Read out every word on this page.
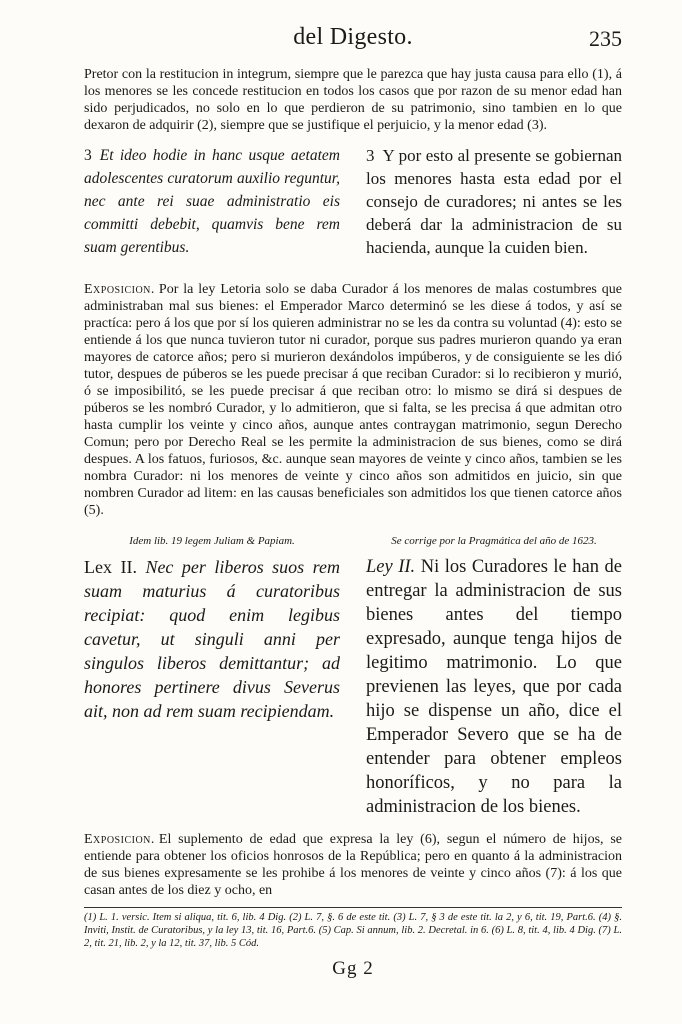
del Digesto.	235

Pretor con la restitucion in integrum, siempre que le parezca que hay justa causa para ello (1), á los menores se les concede restitucion en todos los casos que por razon de su menor edad han sido perjudicados, no solo en lo que perdieron de su patrimonio, sino tambien en lo que dexaron de adquirir (2), siempre que se justifique el perjuicio, y la menor edad (3).

3 Et ideo hodie in hanc usque aetatem adolescentes curatorum auxilio reguntur, nec ante rei suae administratio eis committi debebit, quamvis bene rem suam gerentibus.

3 Y por esto al presente se gobiernan los menores hasta esta edad por el consejo de curadores; ni antes se les deberá dar la administracion de su hacienda, aunque la cuiden bien.

Exposicion. Por la ley Letoria solo se daba Curador á los menores de malas costumbres que administraban mal sus bienes: el Emperador Marco determinó se les diese á todos, y así se practíca: pero á los que por sí los quieren administrar no se les da contra su voluntad (4): esto se entiende á los que nunca tuvieron tutor ni curador, porque sus padres murieron quando ya eran mayores de catorce años; pero si murieron dexándolos impúberos, y de consiguiente se les dió tutor, despues de púberos se les puede precisar á que reciban Curador: si lo recibieron y murió, ó se imposibilitó, se les puede precisar á que reciban otro: lo mismo se dirá si despues de púberos se les nombró Curador, y lo admitieron, que si falta, se les precisa á que admitan otro hasta cumplir los veinte y cinco años, aunque antes contraygan matrimonio, segun Derecho Comun; pero por Derecho Real se les permite la administracion de sus bienes, como se dirá despues. A los fatuos, furiosos, &c. aunque sean mayores de veinte y cinco años, tambien se les nombra Curador: ni los menores de veinte y cinco años son admitidos en juicio, sin que nombren Curador ad litem: en las causas beneficiales son admitidos los que tienen catorce años (5).

Idem lib. 19 legem Juliam & Papiam.	Se corrige por la Pragmática del año de 1623.

Lex II. Nec per liberos suos rem suam maturius á curatoribus recipiat: quod enim legibus cavetur, ut singuli anni per singulos liberos demittantur; ad honores pertinere divus Severus ait, non ad rem suam recipiendam.

Ley II. Ni los Curadores le han de entregar la administracion de sus bienes antes del tiempo expresado, aunque tenga hijos de legitimo matrimonio. Lo que previenen las leyes, que por cada hijo se dispense un año, dice el Emperador Severo que se ha de entender para obtener empleos honoríficos, y no para la administracion de los bienes.

Exposicion. El suplemento de edad que expresa la ley (6), segun el número de hijos, se entiende para obtener los oficios honrosos de la República; pero en quanto á la administracion de sus bienes expresamente se les prohibe á los menores de veinte y cinco años (7): á los que casan antes de los diez y ocho, en

(1) L. 1. versic. Item si aliqua, tit. 6, lib. 4 Dig. (2) L. 7, §. 6 de este tit. (3) L. 7, § 3 de este tit. la 2, y 6, tit. 19, Part.6. (4) §. Inviti, Instit. de Curatoribus, y la ley 13, tit. 16, Part.6. (5) Cap. Si annum, lib. 2. Decretal. in 6. (6) L. 8, tit. 4, lib. 4 Dig. (7) L. 2, tit. 21, lib. 2, y la 12, tit. 37, lib. 5 Cód.

Gg 2
